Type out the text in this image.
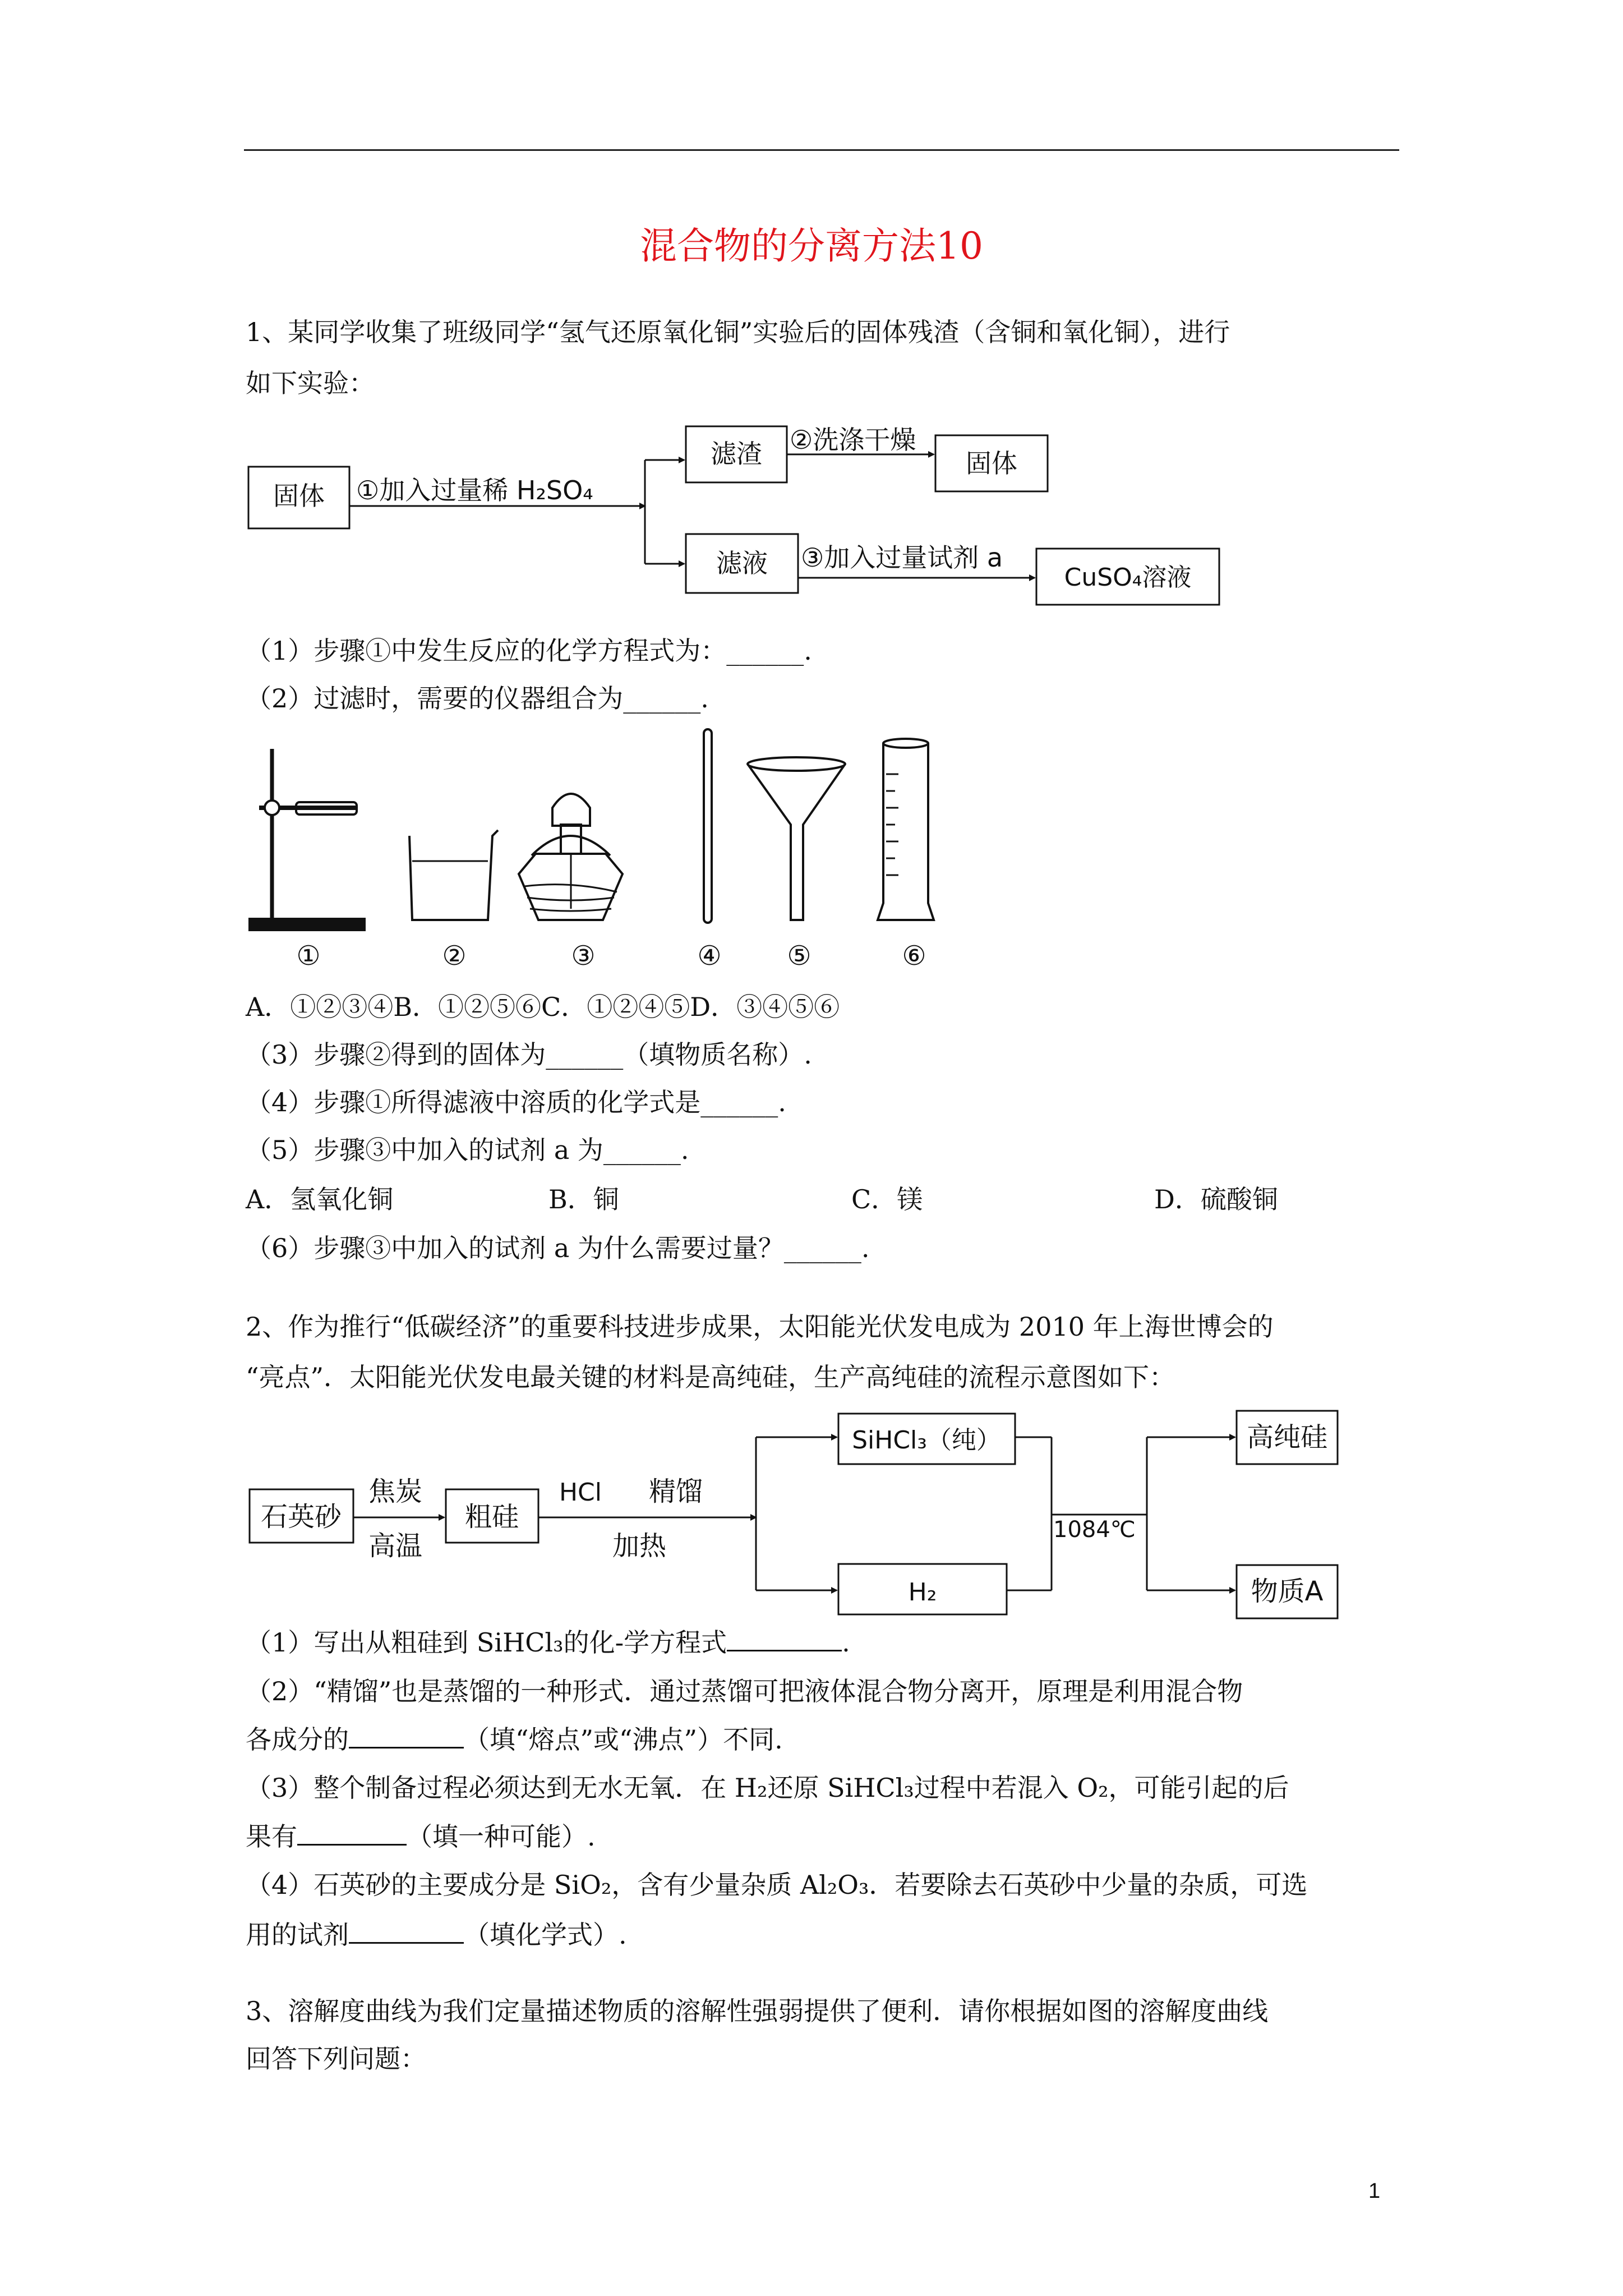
混合物的分离方法10
1、某同学收集了班级同学“氢气还原氧化铜”实验后的固体残渣（含铜和氧化铜），进行
如下实验：
固体 ①加入过量稀 H₂SO₄
滤渣 ②洗涤干燥
固体
滤液 ③加入过量试剂 a
CuSO₄溶液
（1）步骤①中发生反应的化学方程式为：______.
（2）过滤时，需要的仪器组合为______.
①	②	③	④ ⑤	⑥
A．①②③④B．①②⑤⑥C．①②④⑤D．③④⑤⑥
（3）步骤②得到的固体为______（填物质名称）.
（4）步骤①所得滤液中溶质的化学式是______.
（5）步骤③中加入的试剂 a 为______.
A．氢氧化铜	B．铜	C．镁	D．硫酸铜
（6）步骤③中加入的试剂 a 为什么需要过量？______.
2、作为推行“低碳经济”的重要科技进步成果，太阳能光伏发电成为 2010 年上海世博会的
“亮点”．太阳能光伏发电最关键的材料是高纯硅，生产高纯硅的流程示意图如下：
石英砂
焦炭
高温
粗硅
HCl 精馏
加热
SiHCl₃（纯）
H₂
1084℃
高纯硅
物质A
（1）写出从粗硅到 SiHCl₃的化-学方程式	.
（2）“精馏”也是蒸馏的一种形式．通过蒸馏可把液体混合物分离开，原理是利用混合物
各成分的	（填“熔点”或“沸点”）不同.
（3）整个制备过程必须达到无水无氧．在 H₂还原 SiHCl₃过程中若混入 O₂，可能引起的后
果有	（填一种可能）.
（4）石英砂的主要成分是 SiO₂，含有少量杂质 Al₂O₃．若要除去石英砂中少量的杂质，可选
用的试剂	（填化学式）.
3、溶解度曲线为我们定量描述物质的溶解性强弱提供了便利．请你根据如图的溶解度曲线
回答下列问题：
1
